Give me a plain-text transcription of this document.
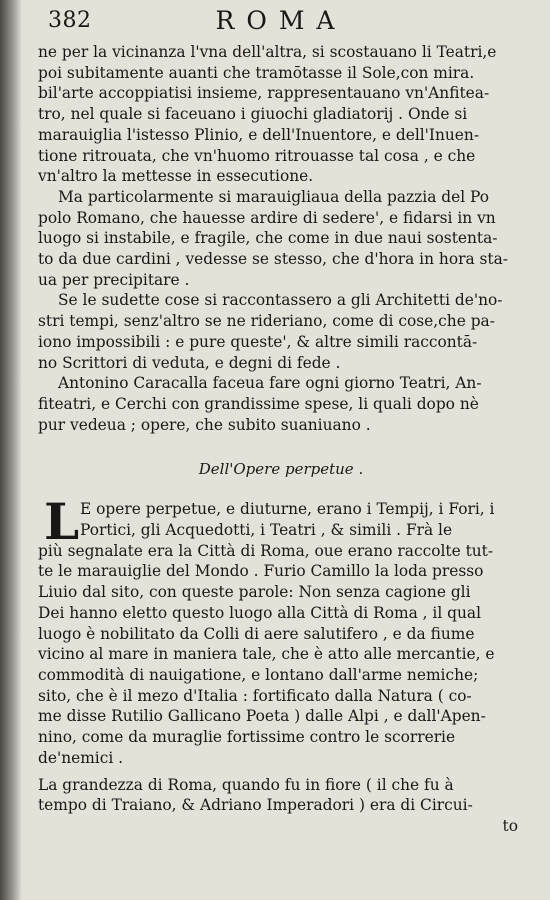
382	ROMA
ne per la vicinanza l'vna dell'altra, si scostauano li Teatri,e
poi subitamente auanti che tramōtasse il Sole,con mira.
bil'arte accoppiatisi insieme, rappresentauano vn'Anfitea-
tro, nel quale si faceuano i giuochi gladiatorij . Onde si
marauiglia l'istesso Plinio, e dell'Inuentore, e dell'Inuen-
tione ritrouata, che vn'huomo ritrouasse tal cosa , e che
vn'altro la mettesse in essecutione.
Ma particolarmente si marauigliaua della pazzia del Po
polo Romano, che hauesse ardire di sedere', e fidarsi in vn
luogo si instabile, e fragile, che come in due naui sostenta-
to da due cardini , vedesse se stesso, che d'hora in hora sta-
ua per precipitare .
Se le sudette cose si raccontassero a gli Architetti de'no-
stri tempi, senz'altro se ne rideriano, come di cose,che pa-
iono impossibili : e pure queste', & altre simili raccontā-
no Scrittori di veduta, e degni di fede .
Antonino Caracalla faceua fare ogni giorno Teatri, An-
fiteatri, e Cerchi con grandissime spese, li quali dopo nè
pur vedeua ; opere, che subito suaniuano .
Dell'Opere perpetue .
L E opere perpetue, e diuturne, erano i Tempij, i Fori, i
Portici, gli Acquedotti, i Teatri , & simili . Frà le
più segnalate era la Città di Roma, oue erano raccolte tut-
te le marauiglie del Mondo . Furio Camillo la loda presso
Liuio dal sito, con queste parole: Non senza cagione gli
Dei hanno eletto questo luogo alla Città di Roma , il qual
luogo è nobilitato da Colli di aere salutifero , e da fiume
vicino al mare in maniera tale, che è atto alle mercantie, e
commodità di nauigatione, e lontano dall'arme nemiche;
sito, che è il mezo d'Italia : fortificato dalla Natura ( co-
me disse Rutilio Gallicano Poeta ) dalle Alpi , e dall'Apen-
nino, come da muraglie fortissime contro le scorrerie
de'nemici .
La grandezza di Roma, quando fu in fiore ( il che fu à
tempo di Traiano, & Adriano Imperadori ) era di Circui-
to
